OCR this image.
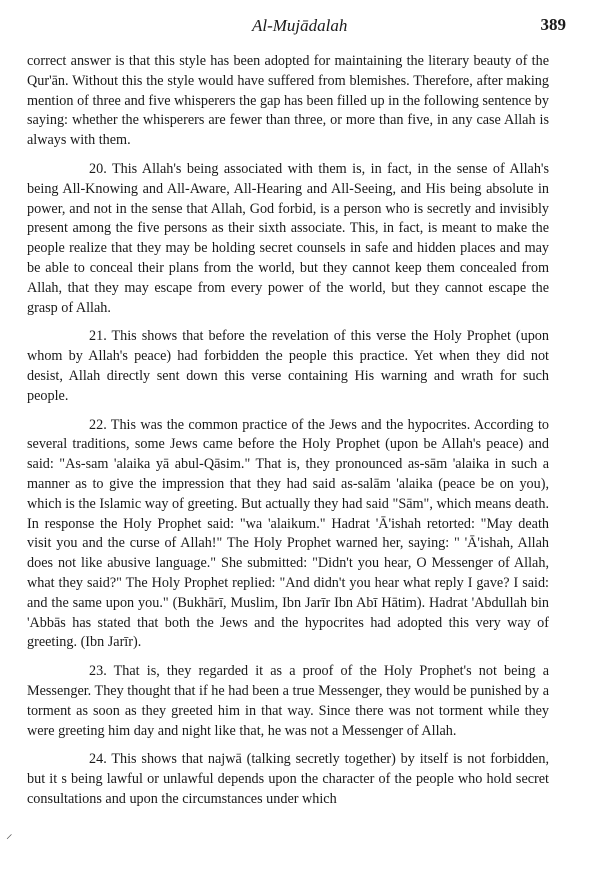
Al-Mujādalah	389

correct answer is that this style has been adopted for maintaining the literary beauty of the Qur'ān. Without this the style would have suffered from blemishes. Therefore, after making mention of three and five whisperers the gap has been filled up in the following sentence by saying: whether the whisperers are fewer than three, or more than five, in any case Allah is always with them.

20. This Allah's being associated with them is, in fact, in the sense of Allah's being All-Knowing and All-Aware, All-Hearing and All-Seeing, and His being absolute in power, and not in the sense that Allah, God forbid, is a person who is secretly and invisibly present among the five persons as their sixth associate. This, in fact, is meant to make the people realize that they may be holding secret counsels in safe and hidden places and may be able to conceal their plans from the world, but they cannot keep them concealed from Allah, that they may escape from every power of the world, but they cannot escape the grasp of Allah.

21. This shows that before the revelation of this verse the Holy Prophet (upon whom by Allah's peace) had forbidden the people this practice. Yet when they did not desist, Allah directly sent down this verse containing His warning and wrath for such people.

22. This was the common practice of the Jews and the hypocrites. According to several traditions, some Jews came before the Holy Prophet (upon be Allah's peace) and said: "As-sam 'alaika yā abul-Qāsim." That is, they pronounced as-sām 'alaika in such a manner as to give the impression that they had said as-salām 'alaika (peace be on you), which is the Islamic way of greeting. But actually they had said "Sām", which means death. In response the Holy Prophet said: "wa 'alaikum." Hadrat 'Ā'ishah retorted: "May death visit you and the curse of Allah!" The Holy Prophet warned her, saying: " 'Ā'ishah, Allah does not like abusive language." She submitted: "Didn't you hear, O Messenger of Allah, what they said?" The Holy Prophet replied: "And didn't you hear what reply I gave? I said: and the same upon you." (Bukhārī, Muslim, Ibn Jarīr Ibn Abī Hātim). Hadrat 'Abdullah bin 'Abbās has stated that both the Jews and the hypocrites had adopted this very way of greeting. (Ibn Jarīr).

23. That is, they regarded it as a proof of the Holy Prophet's not being a Messenger. They thought that if he had been a true Messenger, they would be punished by a torment as soon as they greeted him in that way. Since there was not torment while they were greeting him day and night like that, he was not a Messenger of Allah.

24. This shows that najwā (talking secretly together) by itself is not forbidden, but it s being lawful or unlawful depends upon the character of the people who hold secret consultations and upon the circumstances under which

⸝
